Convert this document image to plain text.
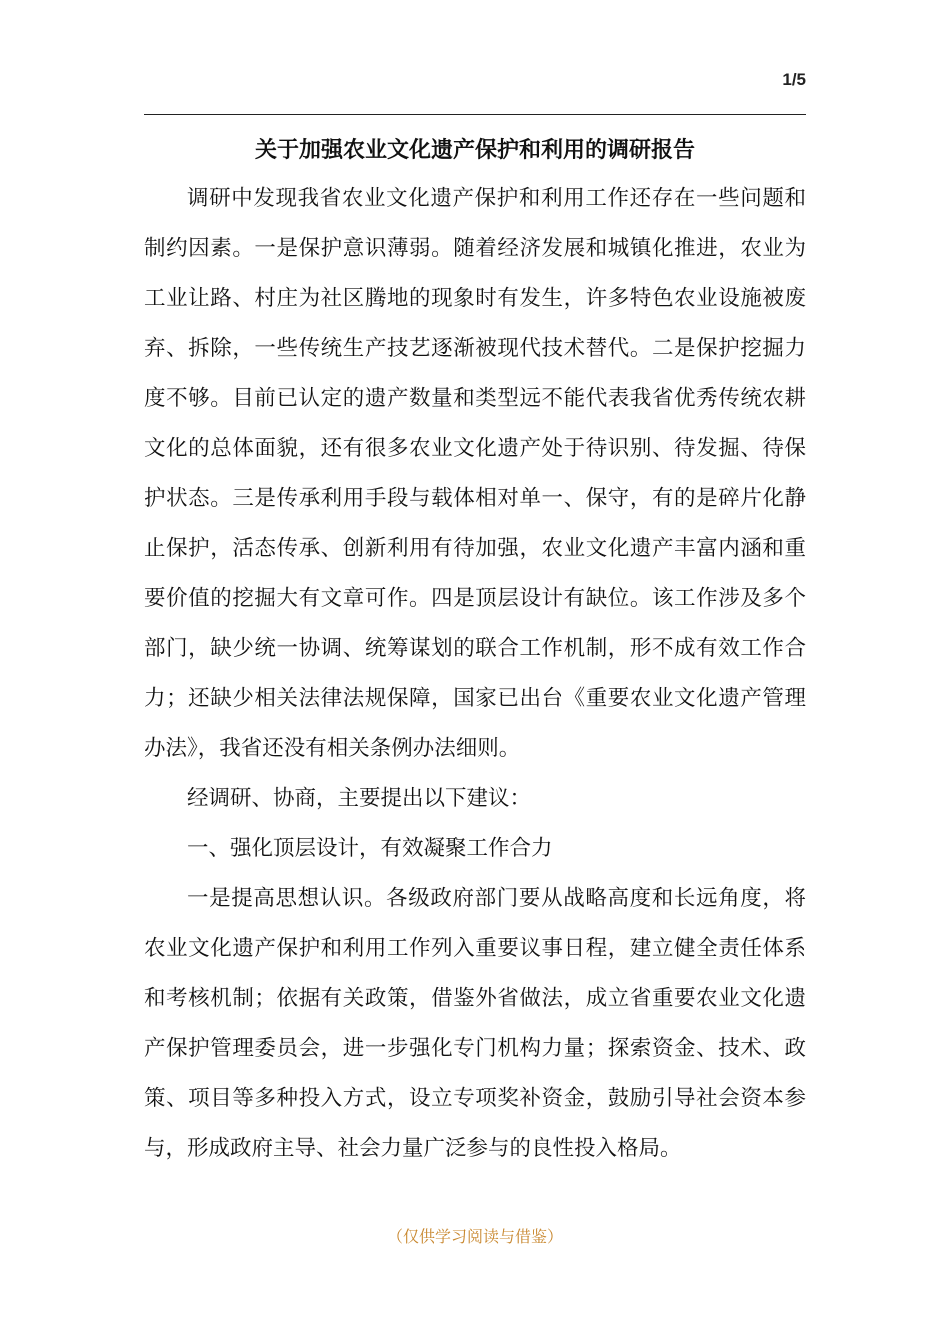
1/5
关于加强农业文化遗产保护和利用的调研报告

调研中发现我省农业文化遗产保护和利用工作还存在一些问题和制约因素。一是保护意识薄弱。随着经济发展和城镇化推进，农业为工业让路、村庄为社区腾地的现象时有发生，许多特色农业设施被废弃、拆除，一些传统生产技艺逐渐被现代技术替代。二是保护挖掘力度不够。目前已认定的遗产数量和类型远不能代表我省优秀传统农耕文化的总体面貌，还有很多农业文化遗产处于待识别、待发掘、待保护状态。三是传承利用手段与载体相对单一、保守，有的是碎片化静止保护，活态传承、创新利用有待加强，农业文化遗产丰富内涵和重要价值的挖掘大有文章可作。四是顶层设计有缺位。该工作涉及多个部门，缺少统一协调、统筹谋划的联合工作机制，形不成有效工作合力；还缺少相关法律法规保障，国家已出台《重要农业文化遗产管理办法》，我省还没有相关条例办法细则。

经调研、协商，主要提出以下建议：

一、强化顶层设计，有效凝聚工作合力

一是提高思想认识。各级政府部门要从战略高度和长远角度，将农业文化遗产保护和利用工作列入重要议事日程，建立健全责任体系和考核机制；依据有关政策，借鉴外省做法，成立省重要农业文化遗产保护管理委员会，进一步强化专门机构力量；探索资金、技术、政策、项目等多种投入方式，设立专项奖补资金，鼓励引导社会资本参与，形成政府主导、社会力量广泛参与的良性投入格局。

（仅供学习阅读与借鉴）
